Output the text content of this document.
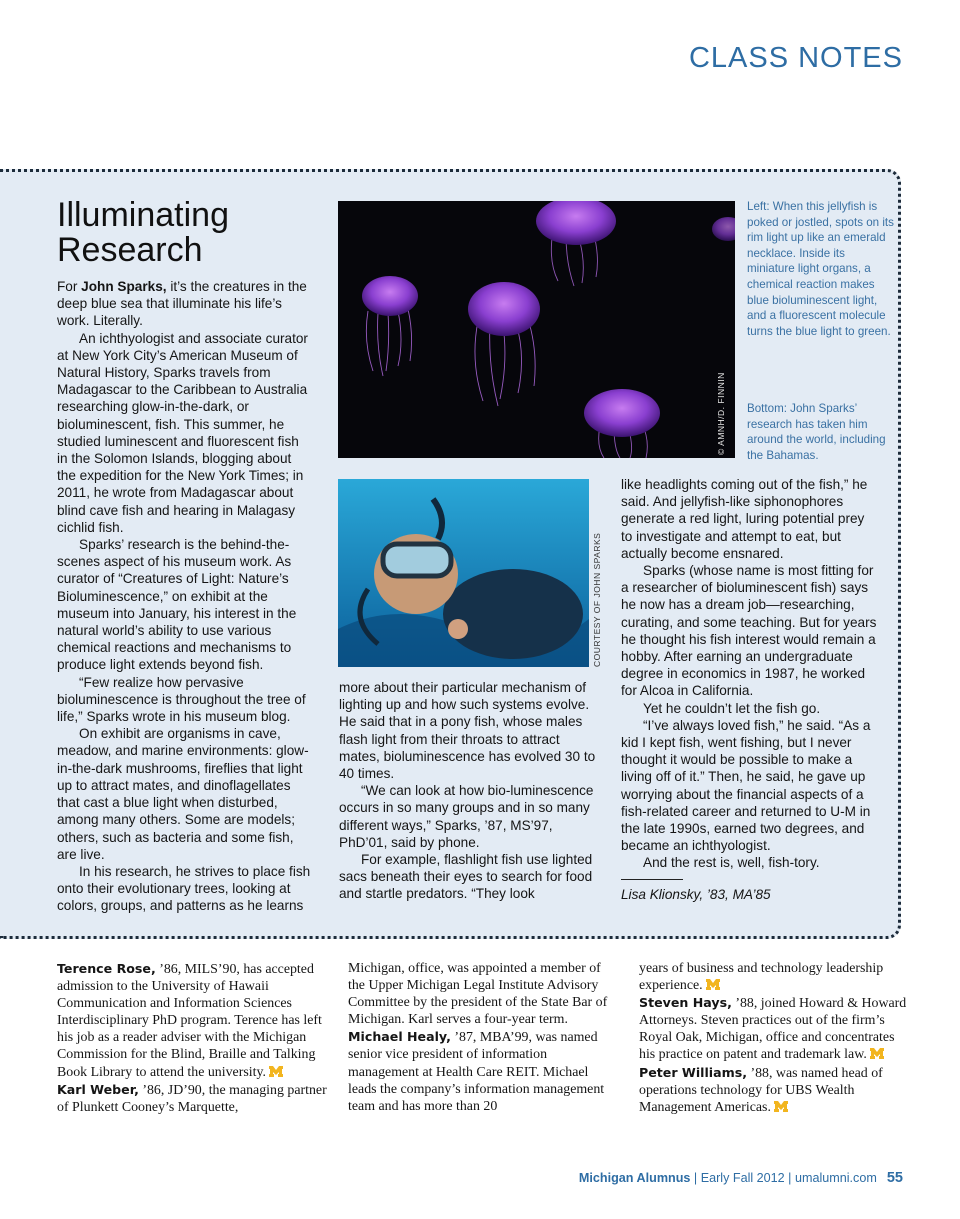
CLASS NOTES
Illuminating
Research

For John Sparks, it’s the creatures in the deep blue sea that illuminate his life’s work. Literally.

An ichthyologist and associate curator at New York City’s American Museum of Natural History, Sparks travels from Madagascar to the Caribbean to Australia researching glow-in-the-dark, or bioluminescent, fish. This summer, he studied luminescent and fluorescent fish in the Solomon Islands, blogging about the expedition for the New York Times; in 2011, he wrote from Madagascar about blind cave fish and hearing in Malagasy cichlid fish.

Sparks’ research is the behind-the-scenes aspect of his museum work. As curator of “Creatures of Light: Nature’s Bioluminescence,” on exhibit at the museum into January, his interest in the natural world’s ability to use various chemical reactions and mechanisms to produce light extends beyond fish.

“Few realize how pervasive bioluminescence is throughout the tree of life,” Sparks wrote in his museum blog.

On exhibit are organisms in cave, meadow, and marine environments: glow-in-the-dark mushrooms, fireflies that light up to attract mates, and dinoflagellates that cast a blue light when disturbed, among many others. Some are models; others, such as bacteria and some fish, are live.

In his research, he strives to place fish onto their evolutionary trees, looking at colors, groups, and patterns as he learns

© AMNH/D. FINNIN
Left: When this jellyfish is poked or jostled, spots on its rim light up like an emerald necklace. Inside its miniature light organs, a chemical reaction makes blue bioluminescent light, and a fluorescent molecule turns the blue light to green.
Bottom: John Sparks’ research has taken him around the world, including the Bahamas.
COURTESY OF JOHN SPARKS

more about their particular mechanism of lighting up and how such systems evolve. He said that in a pony fish, whose males flash light from their throats to attract mates, bioluminescence has evolved 30 to 40 times.

“We can look at how bio-luminescence occurs in so many groups and in so many different ways,” Sparks, ’87, MS’97, PhD’01, said by phone.

For example, flashlight fish use lighted sacs beneath their eyes to search for food and startle predators. “They look

like headlights coming out of the fish,” he said. And jellyfish-like siphonophores generate a red light, luring potential prey to investigate and attempt to eat, but actually become ensnared.

Sparks (whose name is most fitting for a researcher of bioluminescent fish) says he now has a dream job—researching, curating, and some teaching. But for years he thought his fish interest would remain a hobby. After earning an undergraduate degree in economics in 1987, he worked for Alcoa in California.

Yet he couldn’t let the fish go.

“I’ve always loved fish,” he said. “As a kid I kept fish, went fishing, but I never thought it would be possible to make a living off of it.” Then, he said, he gave up worrying about the financial aspects of a fish-related career and returned to U-M in the late 1990s, earned two degrees, and became an ichthyologist.

And the rest is, well, fish-tory.

Lisa Klionsky, ’83, MA’85

Terence Rose, ’86, MILS’90, has accepted admission to the University of Hawaii Communication and Information Sciences Interdisciplinary PhD program. Terence has left his job as a reader adviser with the Michigan Commission for the Blind, Braille and Talking Book Library to attend the university.

Karl Weber, ’86, JD’90, the managing partner of Plunkett Cooney’s Marquette,

Michigan, office, was appointed a member of the Upper Michigan Legal Institute Advisory Committee by the president of the State Bar of Michigan. Karl serves a four-year term.

Michael Healy, ’87, MBA’99, was named senior vice president of information management at Health Care REIT. Michael leads the company’s information management team and has more than 20

years of business and technology leadership experience.

Steven Hays, ’88, joined Howard & Howard Attorneys. Steven practices out of the firm’s Royal Oak, Michigan, office and concentrates his practice on patent and trademark law.

Peter Williams, ’88, was named head of operations technology for UBS Wealth Management Americas.

Michigan Alumnus | Early Fall 2012 | umalumni.com 55
